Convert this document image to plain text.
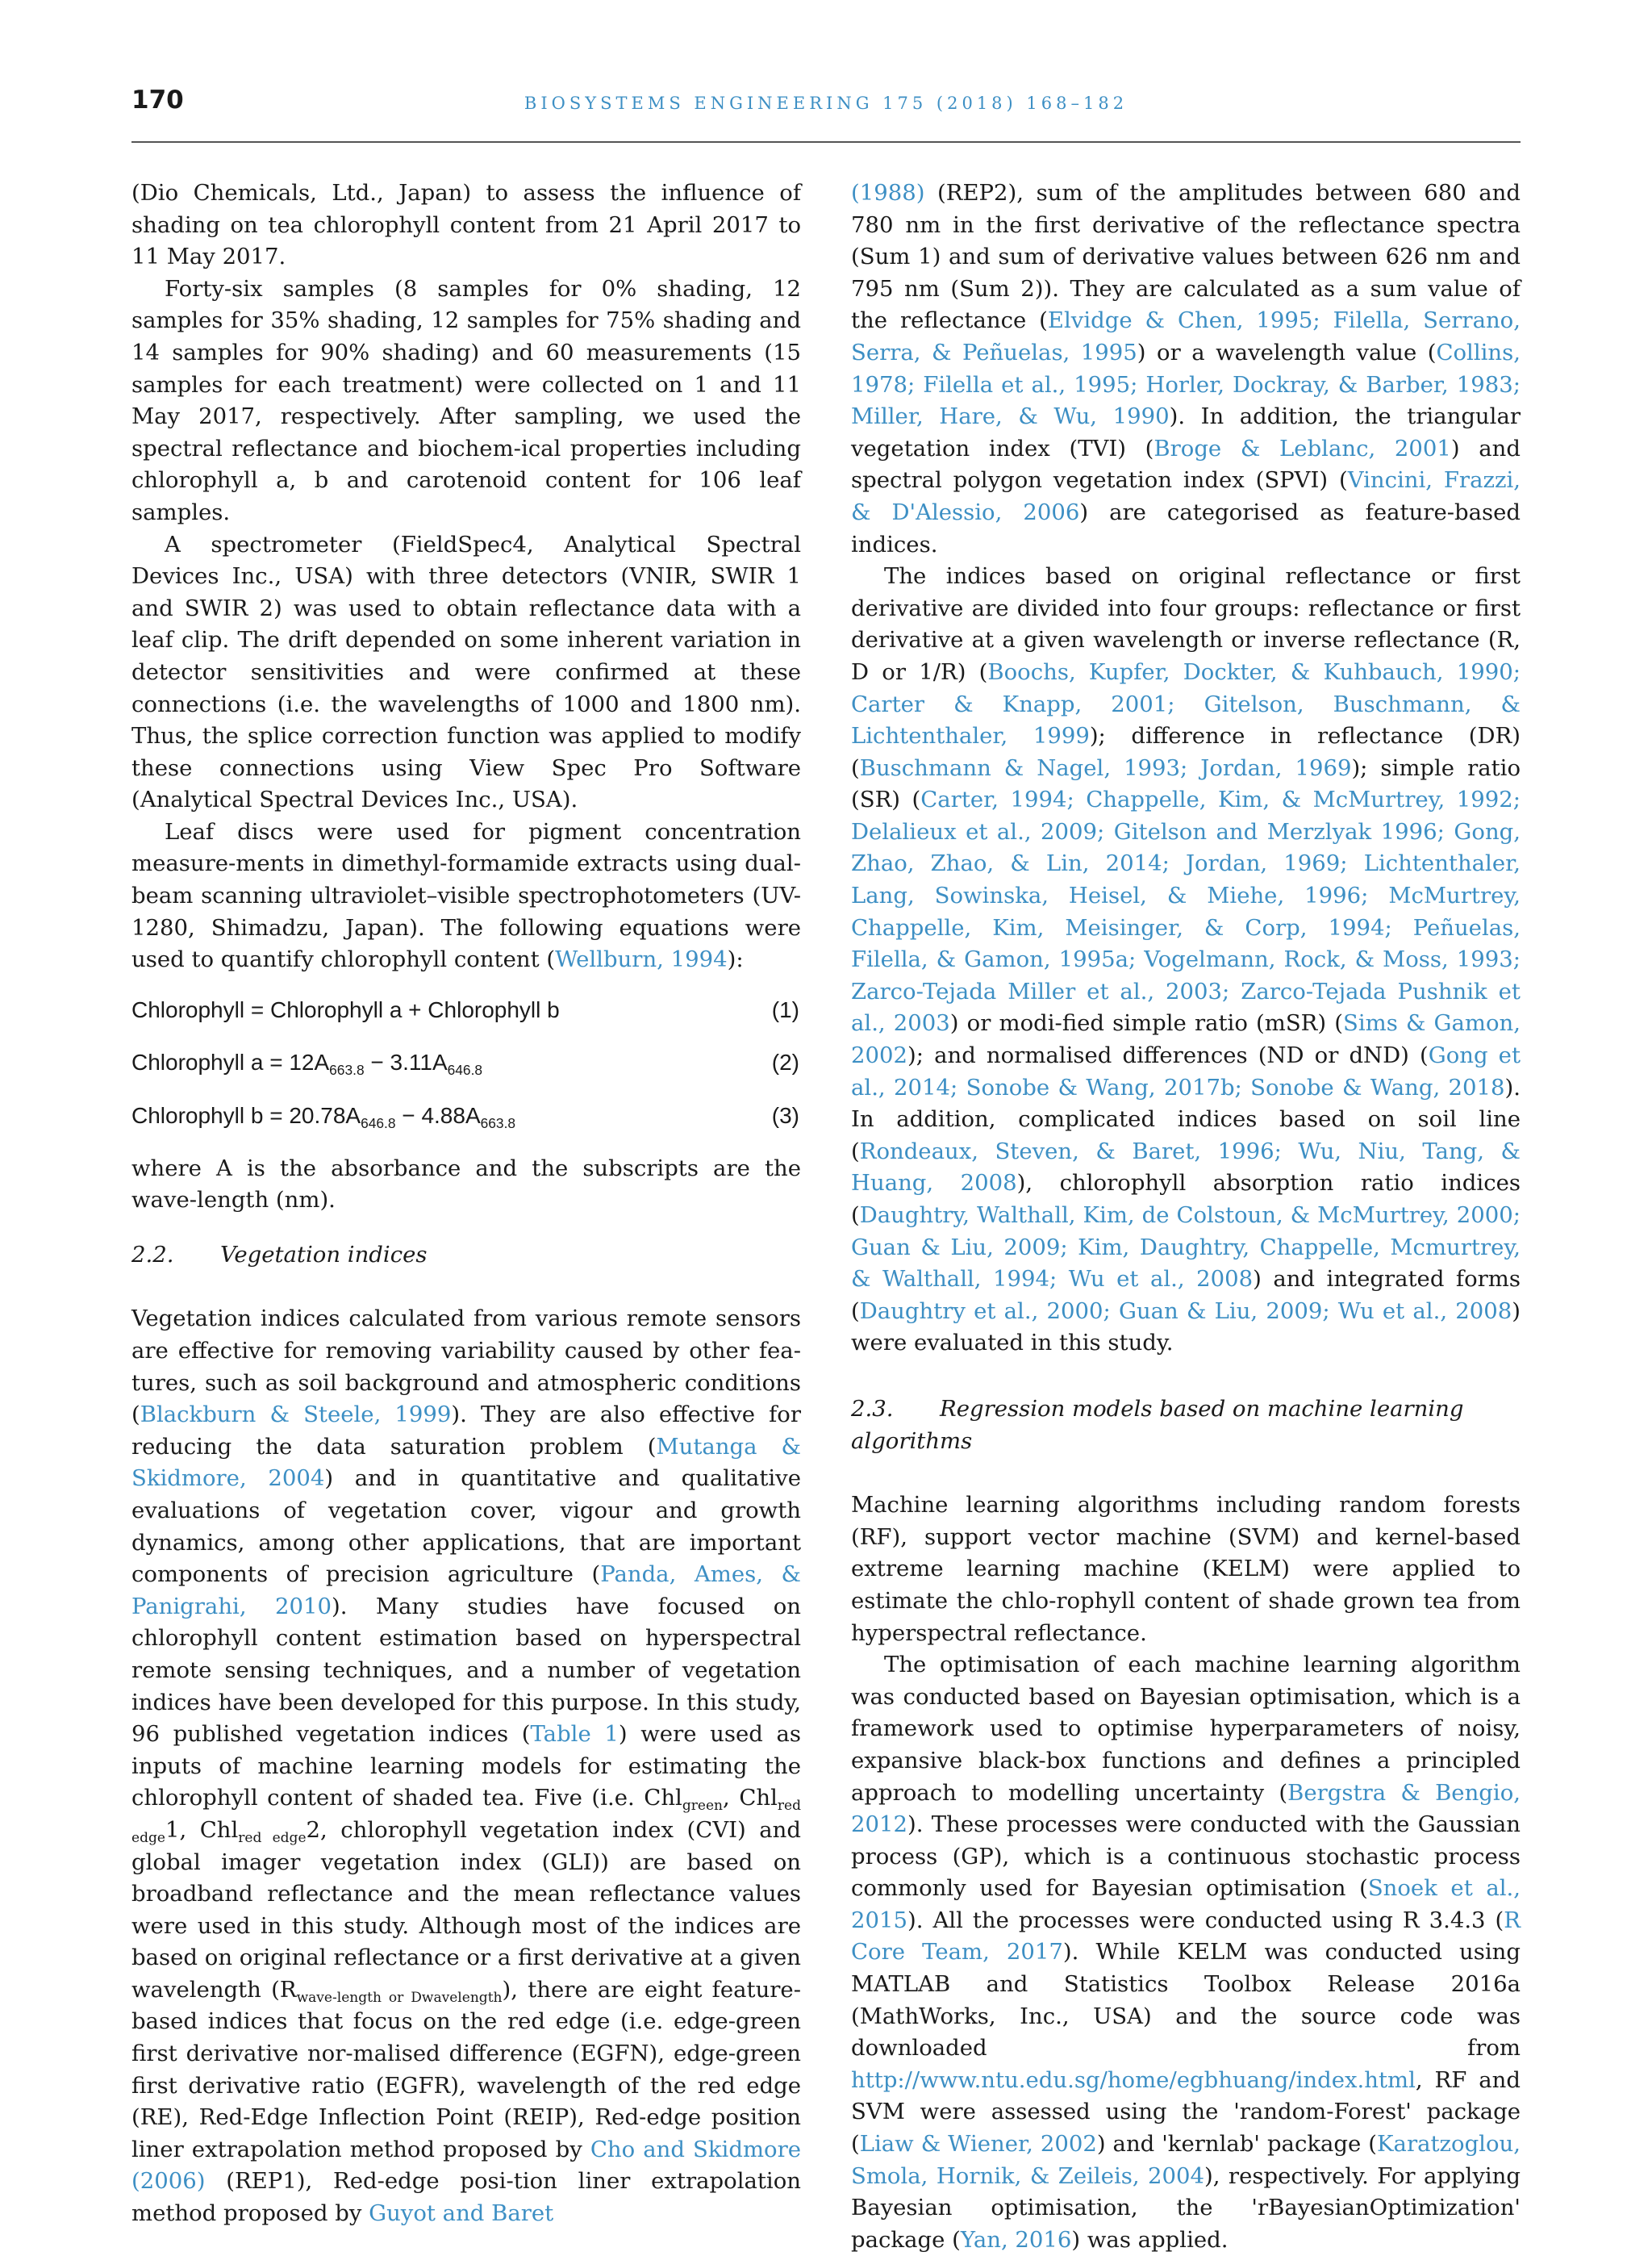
170	BIOSYSTEMS ENGINEERING 175 (2018) 168–182

(Dio Chemicals, Ltd., Japan) to assess the influence of shading on tea chlorophyll content from 21 April 2017 to 11 May 2017.

Forty-six samples (8 samples for 0% shading, 12 samples for 35% shading, 12 samples for 75% shading and 14 samples for 90% shading) and 60 measurements (15 samples for each treatment) were collected on 1 and 11 May 2017, respectively. After sampling, we used the spectral reflectance and biochem-ical properties including chlorophyll a, b and carotenoid content for 106 leaf samples.

A spectrometer (FieldSpec4, Analytical Spectral Devices Inc., USA) with three detectors (VNIR, SWIR 1 and SWIR 2) was used to obtain reflectance data with a leaf clip. The drift depended on some inherent variation in detector sensitivities and were confirmed at these connections (i.e. the wavelengths of 1000 and 1800 nm). Thus, the splice correction function was applied to modify these connections using View Spec Pro Software (Analytical Spectral Devices Inc., USA).

Leaf discs were used for pigment concentration measure-ments in dimethyl-formamide extracts using dual-beam scanning ultraviolet–visible spectrophotometers (UV-1280, Shimadzu, Japan). The following equations were used to quantify chlorophyll content (Wellburn, 1994):

Chlorophyll = Chlorophyll a + Chlorophyll b	(1)
Chlorophyll $a = 12A_{663.8} - 3.11A_{646.8}$	(2)
Chlorophyll $b = 20.78A_{646.8} - 4.88A_{663.8}$	(3)

where A is the absorbance and the subscripts are the wave-length (nm).

2.2. Vegetation indices

Vegetation indices calculated from various remote sensors are effective for removing variability caused by other fea-tures, such as soil background and atmospheric conditions (Blackburn & Steele, 1999). They are also effective for reducing the data saturation problem (Mutanga & Skidmore, 2004) and in quantitative and qualitative evaluations of vegetation cover, vigour and growth dynamics, among other applications, that are important components of precision agriculture (Panda, Ames, & Panigrahi, 2010). Many studies have focused on chlorophyll content estimation based on hyperspectral remote sensing techniques, and a number of vegetation indices have been developed for this purpose. In this study, 96 published vegetation indices (Table 1) were used as inputs of machine learning models for estimating the chlorophyll content of shaded tea. Five (i.e. Chl$_{green}$, Chl$_{red edge}$1, Chl$_{red edge}$2, chlorophyll vegetation index (CVI) and global imager vegetation index (GLI)) are based on broadband reflectance and the mean reflectance values were used in this study. Although most of the indices are based on original reflectance or a first derivative at a given wavelength $(R_{wave-length or Dwavelength})$, there are eight feature-based indices that focus on the red edge (i.e. edge-green first derivative nor-malised difference (EGFN), edge-green first derivative ratio (EGFR), wavelength of the red edge (RE), Red-Edge Inflection Point (REIP), Red-edge position liner extrapolation method proposed by Cho and Skidmore (2006) (REP1), Red-edge posi-tion liner extrapolation method proposed by Guyot and Baret

(1988) (REP2), sum of the amplitudes between 680 and 780 nm in the first derivative of the reflectance spectra (Sum 1) and sum of derivative values between 626 nm and 795 nm (Sum 2)). They are calculated as a sum value of the reflectance (Elvidge & Chen, 1995; Filella, Serrano, Serra, & Peñuelas, 1995) or a wavelength value (Collins, 1978; Filella et al., 1995; Horler, Dockray, & Barber, 1983; Miller, Hare, & Wu, 1990). In addition, the triangular vegetation index (TVI) (Broge & Leblanc, 2001) and spectral polygon vegetation index (SPVI) (Vincini, Frazzi, & D'Alessio, 2006) are categorised as feature-based indices.

The indices based on original reflectance or first derivative are divided into four groups: reflectance or first derivative at a given wavelength or inverse reflectance (R, D or 1/R) (Boochs, Kupfer, Dockter, & Kuhbauch, 1990; Carter & Knapp, 2001; Gitelson, Buschmann, & Lichtenthaler, 1999); difference in reflectance (DR) (Buschmann & Nagel, 1993; Jordan, 1969); simple ratio (SR) (Carter, 1994; Chappelle, Kim, & McMurtrey, 1992; Delalieux et al., 2009; Gitelson and Merzlyak 1996; Gong, Zhao, Zhao, & Lin, 2014; Jordan, 1969; Lichtenthaler, Lang, Sowinska, Heisel, & Miehe, 1996; McMurtrey, Chappelle, Kim, Meisinger, & Corp, 1994; Peñuelas, Filella, & Gamon, 1995a; Vogelmann, Rock, & Moss, 1993; Zarco-Tejada Miller et al., 2003; Zarco-Tejada Pushnik et al., 2003) or modi-fied simple ratio (mSR) (Sims & Gamon, 2002); and normalised differences (ND or dND) (Gong et al., 2014; Sonobe & Wang, 2017b; Sonobe & Wang, 2018). In addition, complicated indices based on soil line (Rondeaux, Steven, & Baret, 1996; Wu, Niu, Tang, & Huang, 2008), chlorophyll absorption ratio indices (Daughtry, Walthall, Kim, de Colstoun, & McMurtrey, 2000; Guan & Liu, 2009; Kim, Daughtry, Chappelle, Mcmurtrey, & Walthall, 1994; Wu et al., 2008) and integrated forms (Daughtry et al., 2000; Guan & Liu, 2009; Wu et al., 2008) were evaluated in this study.

2.3. Regression models based on machine learning algorithms

Machine learning algorithms including random forests (RF), support vector machine (SVM) and kernel-based extreme learning machine (KELM) were applied to estimate the chlo-rophyll content of shade grown tea from hyperspectral reflectance.

The optimisation of each machine learning algorithm was conducted based on Bayesian optimisation, which is a framework used to optimise hyperparameters of noisy, expansive black-box functions and defines a principled approach to modelling uncertainty (Bergstra & Bengio, 2012). These processes were conducted with the Gaussian process (GP), which is a continuous stochastic process commonly used for Bayesian optimisation (Snoek et al., 2015). All the processes were conducted using R 3.4.3 (R Core Team, 2017). While KELM was conducted using MATLAB and Statistics Toolbox Release 2016a (MathWorks, Inc., USA) and the source code was downloaded from http://www.ntu.edu.sg/home/egbhuang/index.html, RF and SVM were assessed using the 'random-Forest' package (Liaw & Wiener, 2002) and 'kernlab' package (Karatzoglou, Smola, Hornik, & Zeileis, 2004), respectively. For applying Bayesian optimisation, the 'rBayesianOptimization' package (Yan, 2016) was applied.
